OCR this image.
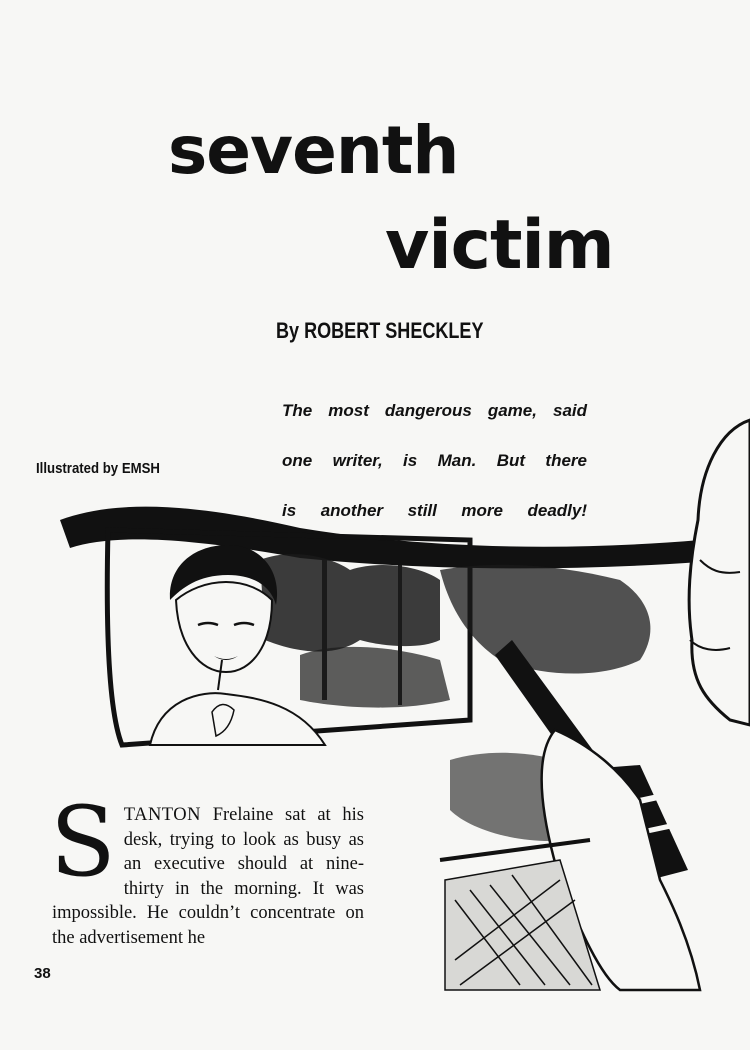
seventh
victim
By ROBERT SHECKLEY
The most dangerous game, said
one writer, is Man. But there
is another still more deadly!
Illustrated by EMSH
S TANTON Frelaine sat at his desk, trying to look as busy as an executive should at nine-thirty in the morning. It was impossible. He couldn’t concentrate on the advertisement he

38
